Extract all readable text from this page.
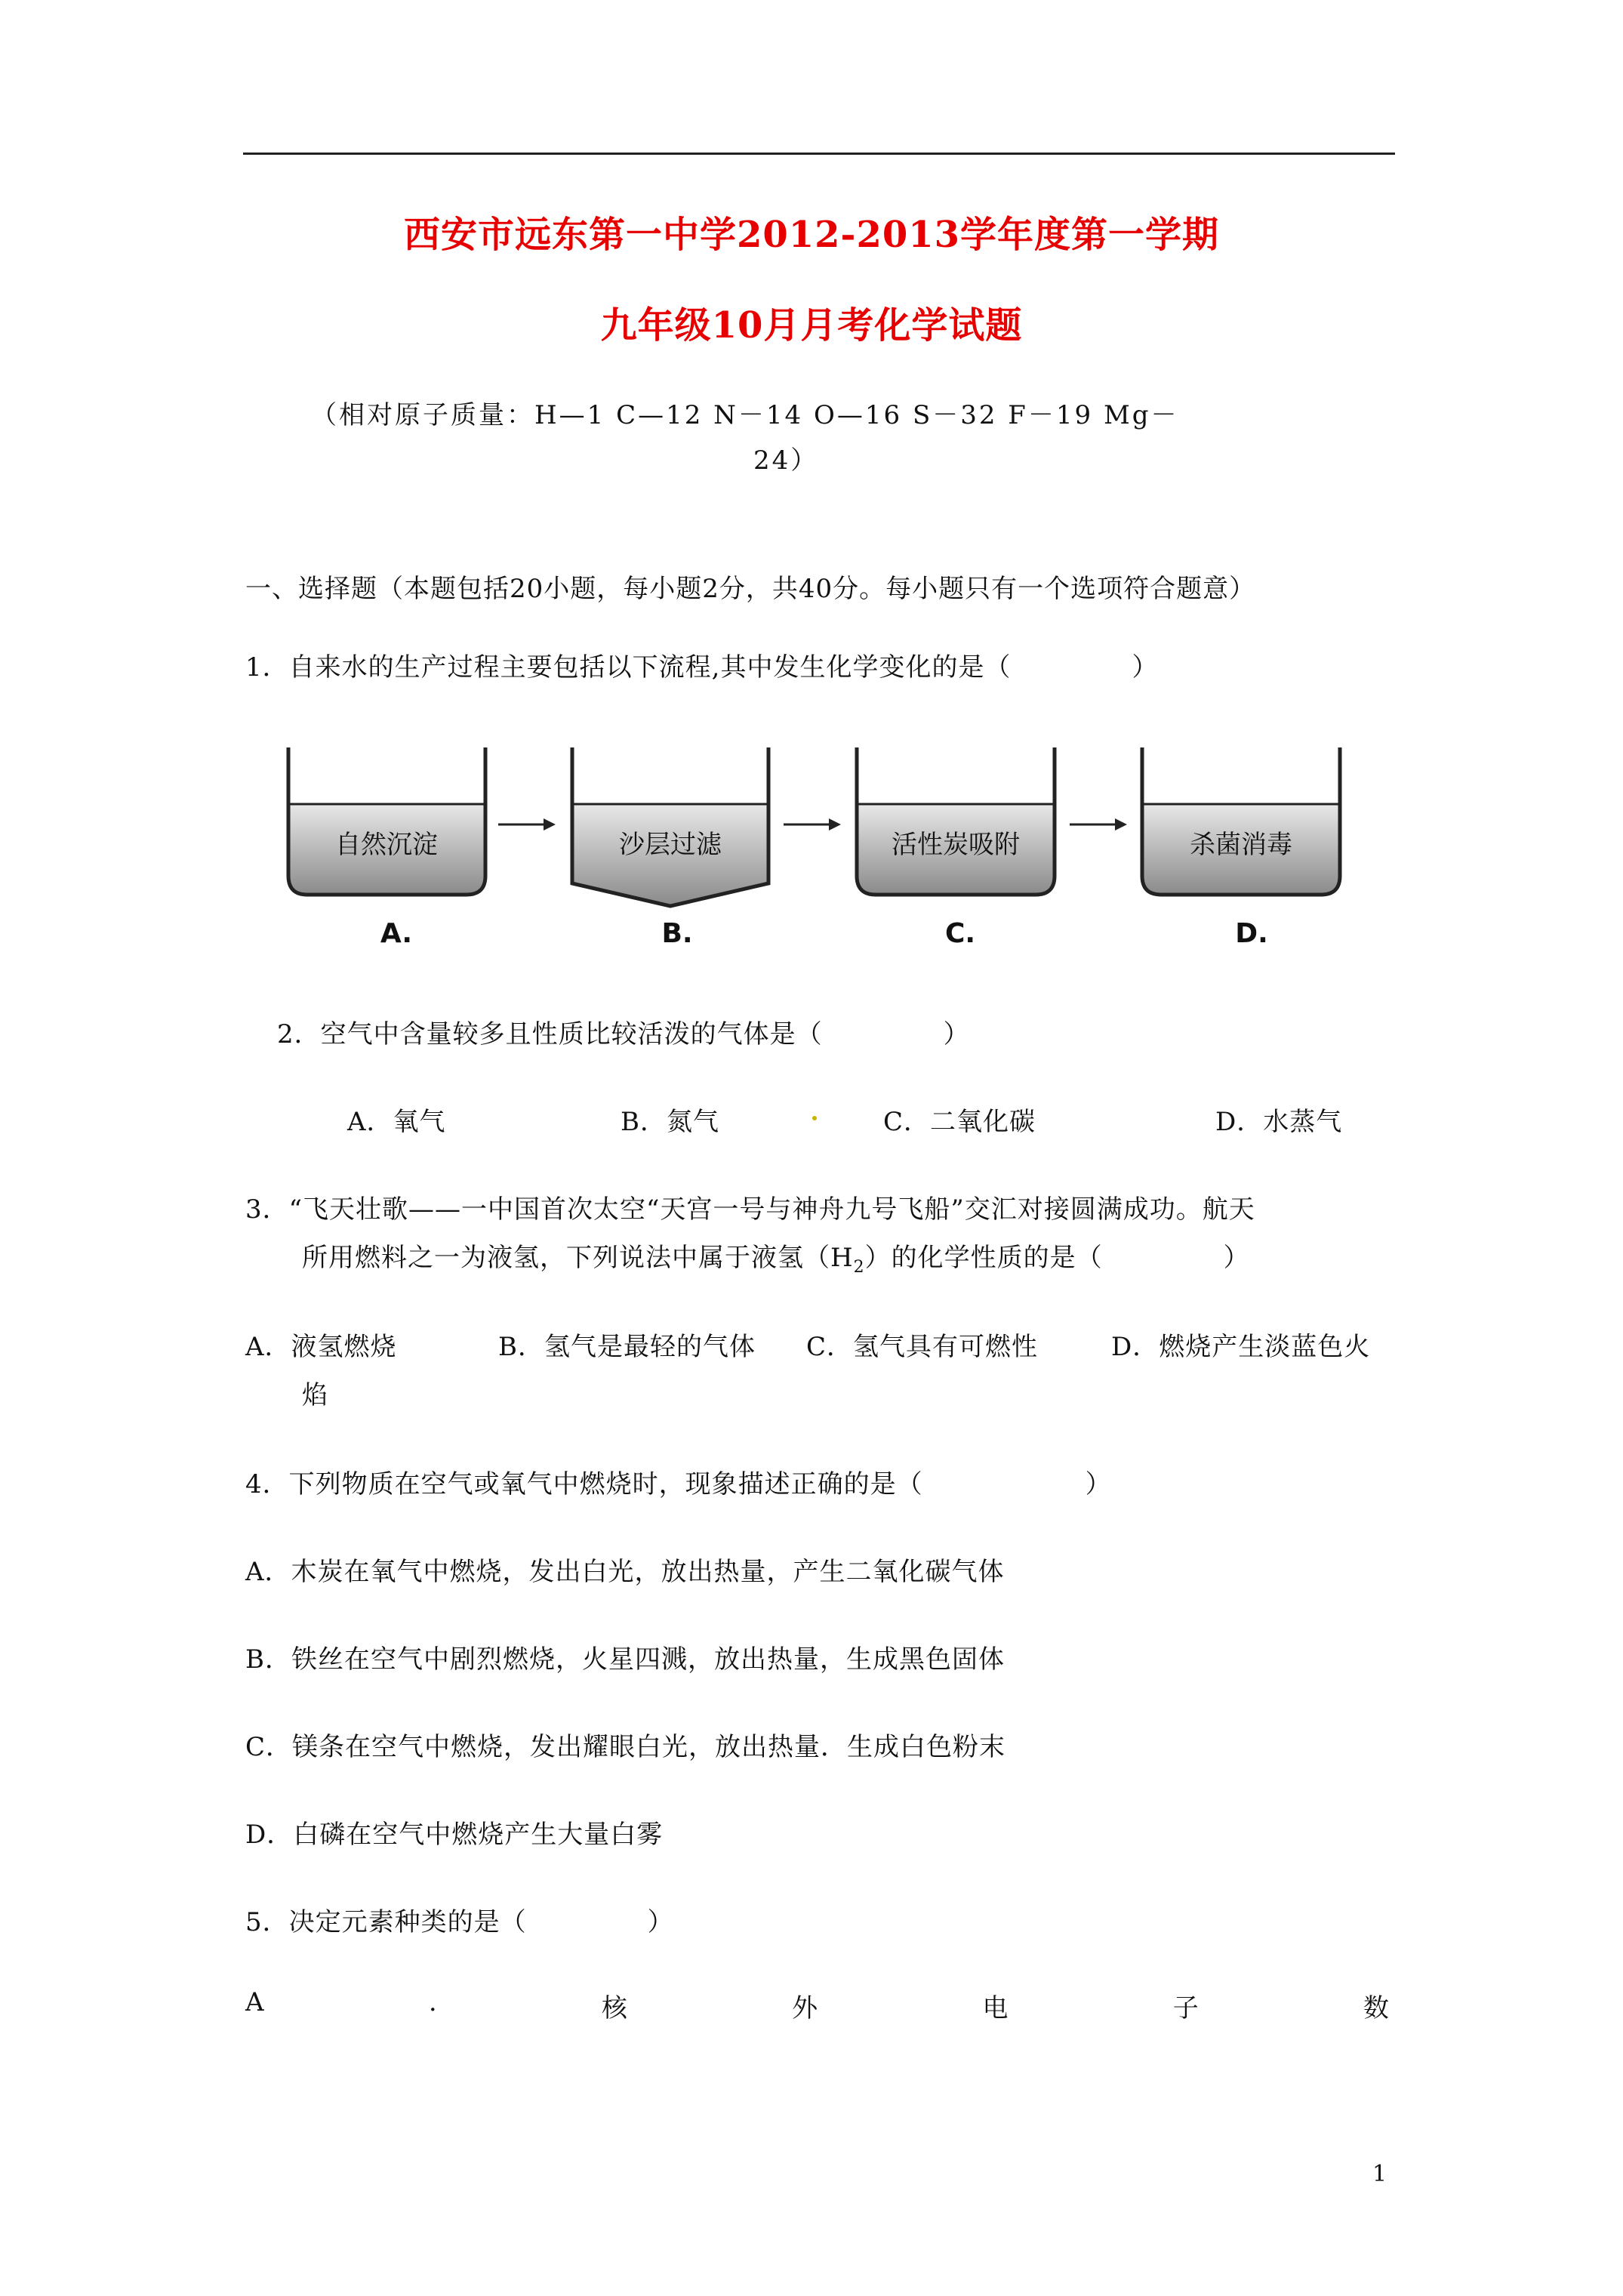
西安市远东第一中学2012-2013学年度第一学期
九年级10月月考化学试题
（相对原子质量：H—1 C—12 N－14 O—16 S－32 F－19 Mg－
24）
一、选择题（本题包括20小题，每小题2分，共40分。每小题只有一个选项符合题意）
1．自来水的生产过程主要包括以下流程,其中发生化学变化的是（	）
自然沉淀	沙层过滤	活性炭吸附	杀菌消毒
A.	B.	C.	D.
2．空气中含量较多且性质比较活泼的气体是（	）
A．氧气	B．氮气	C．二氧化碳	D．水蒸气
3．“飞天壮歌——一中国首次太空“天宫一号与神舟九号飞船”交汇对接圆满成功。航天
所用燃料之一为液氢，下列说法中属于液氢$(H_2)$的化学性质的是（	）
A．液氢燃烧	B．氢气是最轻的气体 C．氢气具有可燃性	D．燃烧产生淡蓝色火
焰
4．下列物质在空气或氧气中燃烧时，现象描述正确的是（	）
A．木炭在氧气中燃烧，发出白光，放出热量，产生二氧化碳气体
B．铁丝在空气中剧烈燃烧，火星四溅，放出热量，生成黑色固体
C．镁条在空气中燃烧，发出耀眼白光，放出热量．生成白色粉末
D．白磷在空气中燃烧产生大量白雾
5．决定元素种类的是（	）
A	.	核	外	电	子	数
1
